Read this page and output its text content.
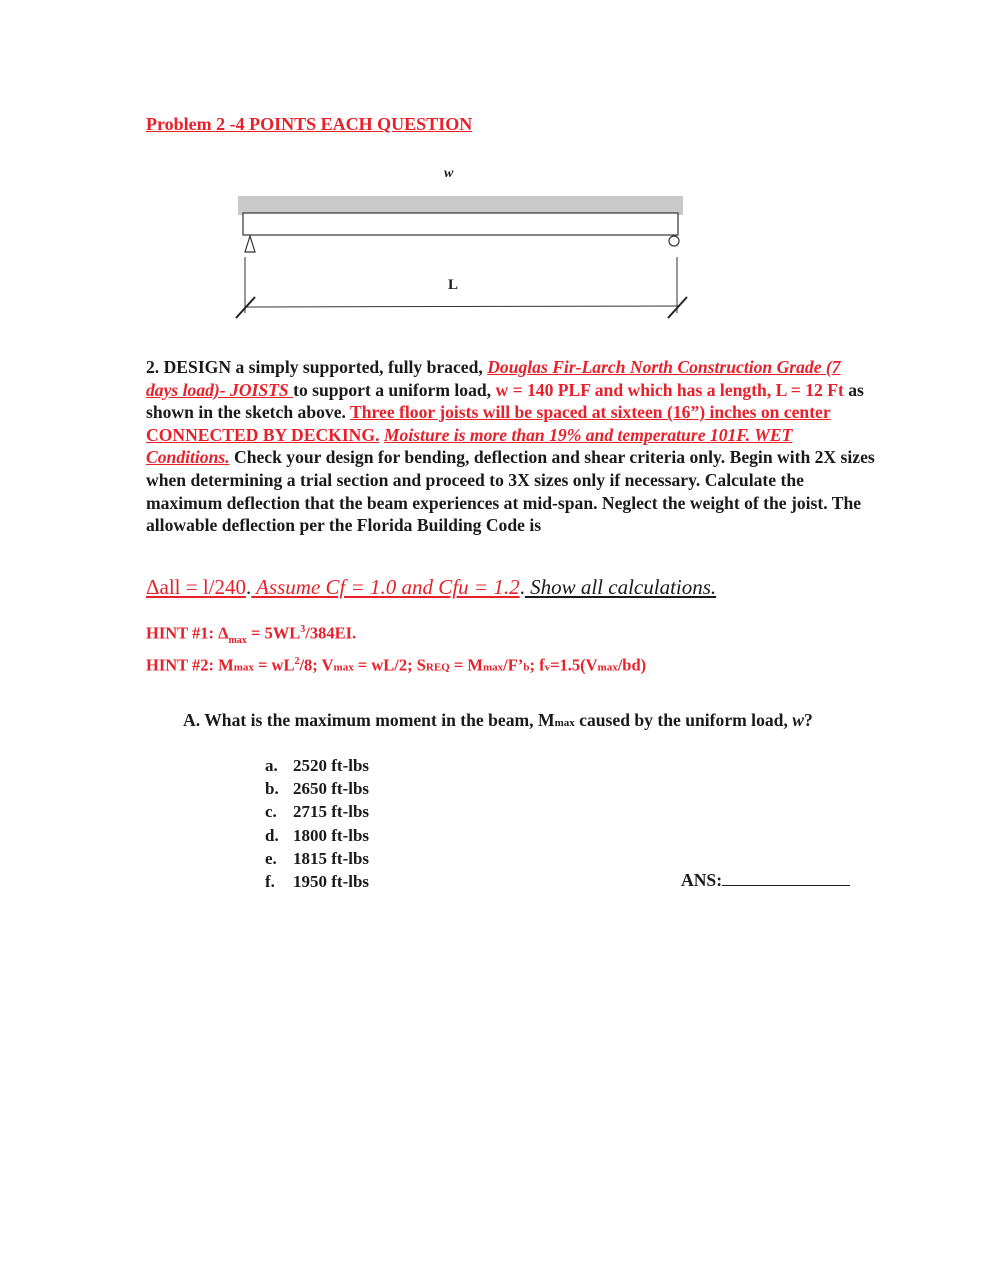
Problem 2 -4 POINTS EACH QUESTION
w
L
2. DESIGN a simply supported, fully braced, Douglas Fir-Larch North Construction Grade (7 days load)- JOISTS to support a uniform load, w = 140 PLF and which has a length, L = 12 Ft as shown in the sketch above. Three floor joists will be spaced at sixteen (16”) inches on center CONNECTED BY DECKING. Moisture is more than 19% and temperature 101F. WET Conditions. Check your design for bending, deflection and shear criteria only. Begin with 2X sizes when determining a trial section and proceed to 3X sizes only if necessary. Calculate the maximum deflection that the beam experiences at mid-span. Neglect the weight of the joist. The allowable deflection per the Florida Building Code is
Δall = l/240. Assume Cf = 1.0 and Cfu = 1.2. Show all calculations.
HINT #1: $\Delta_{max} = 5WL^3/384EI$.
HINT #2: $Mmax = wL^2/8$; Vmax = wL/2; SREQ = Mmax/F’b; fv=1.5(Vmax/bd)
A. What is the maximum moment in the beam, Mmax caused by the uniform load, w?
a. 2520 ft-lbs
b. 2650 ft-lbs
c. 2715 ft-lbs
d. 1800 ft-lbs
e. 1815 ft-lbs
f.	1950 ft-lbs	ANS:
